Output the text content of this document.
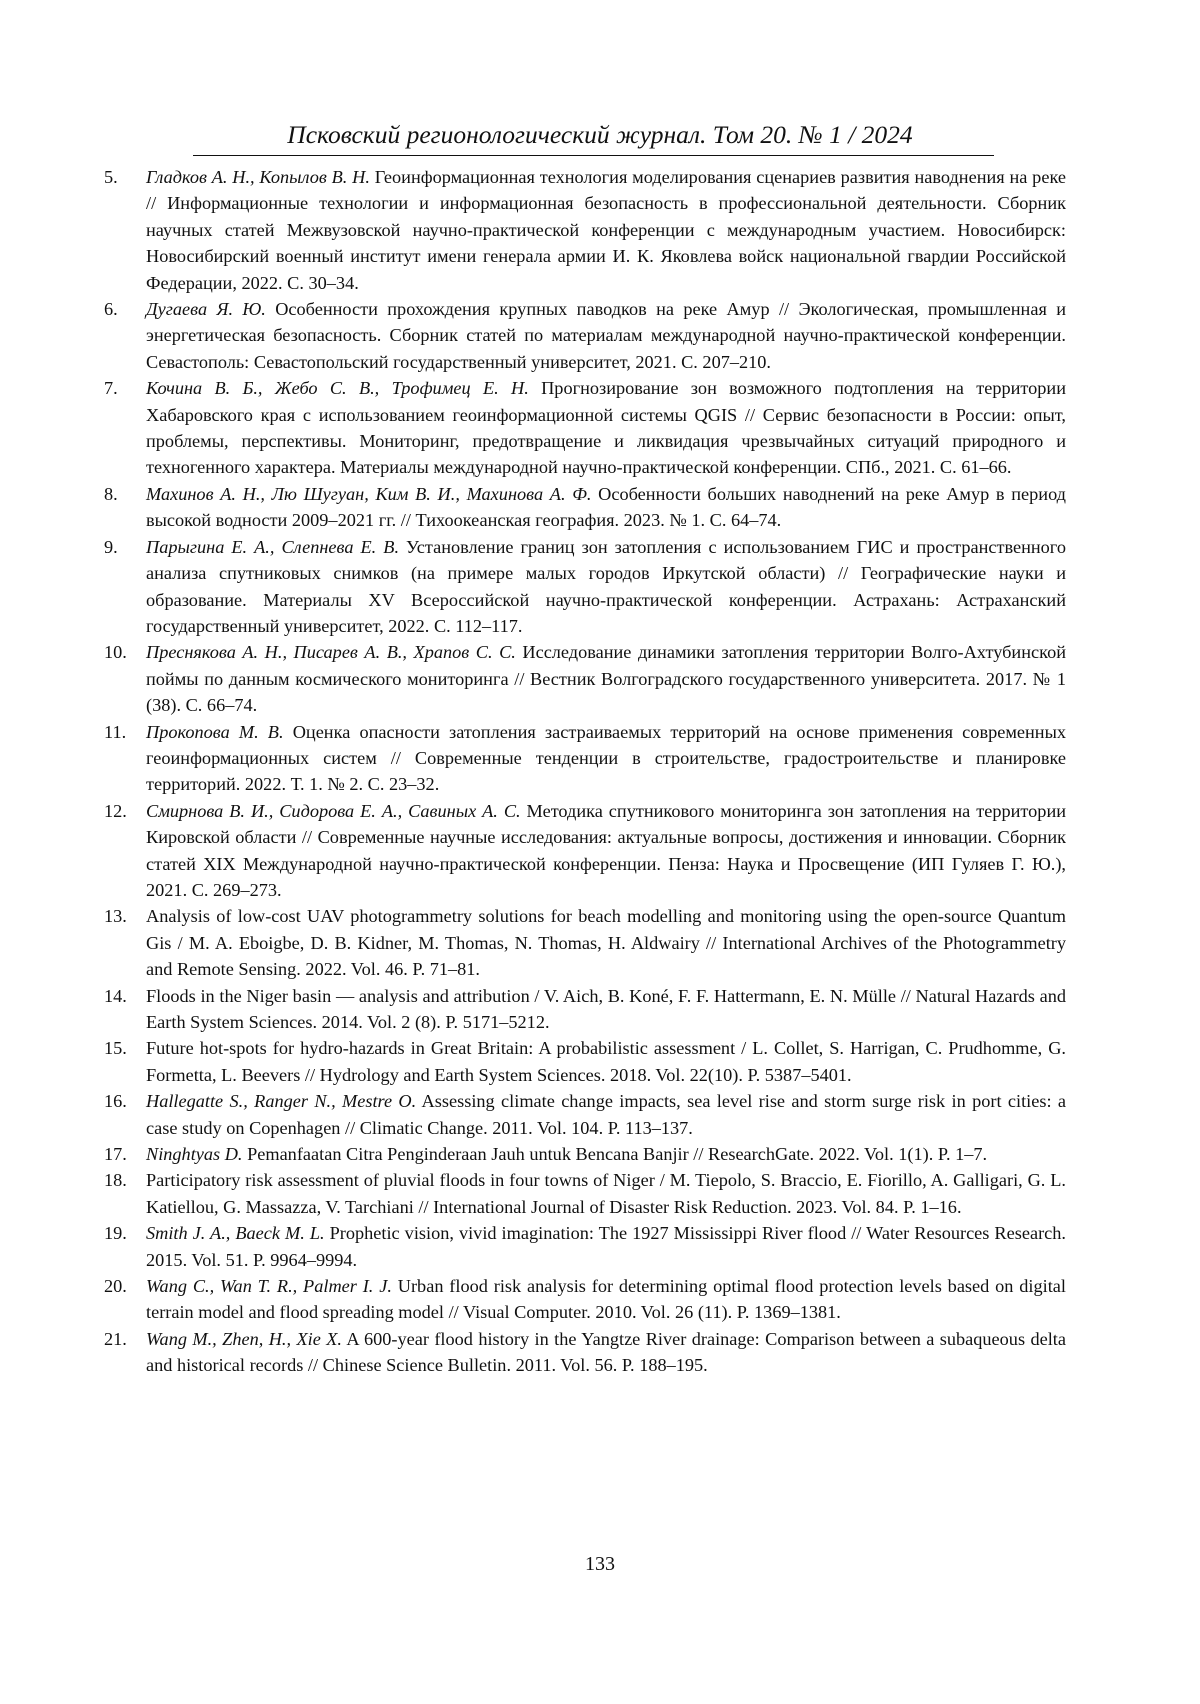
Псковский регионологический журнал. Том 20. № 1 / 2024
5. Гладков А. Н., Копылов В. Н. Геоинформационная технология моделирования сценариев развития наводнения на реке // Информационные технологии и информационная безопасность в профессиональной деятельности. Сборник научных статей Межвузовской научно-практической конференции с международным участием. Новосибирск: Новосибирский военный институт имени генерала армии И. К. Яковлева войск национальной гвардии Российской Федерации, 2022. С. 30–34.
6. Дугаева Я. Ю. Особенности прохождения крупных паводков на реке Амур // Экологическая, промышленная и энергетическая безопасность. Сборник статей по материалам международной научно-практической конференции. Севастополь: Севастопольский государственный университет, 2021. С. 207–210.
7. Кочина В. Б., Жебо С. В., Трофимец Е. Н. Прогнозирование зон возможного подтопления на территории Хабаровского края с использованием геоинформационной системы QGIS // Сервис безопасности в России: опыт, проблемы, перспективы. Мониторинг, предотвращение и ликвидация чрезвычайных ситуаций природного и техногенного характера. Материалы международной научно-практической конференции. СПб., 2021. С. 61–66.
8. Махинов А. Н., Лю Шугуан, Ким В. И., Махинова А. Ф. Особенности больших наводнений на реке Амур в период высокой водности 2009–2021 гг. // Тихоокеанская география. 2023. № 1. С. 64–74.
9. Парыгина Е. А., Слепнева Е. В. Установление границ зон затопления с использованием ГИС и пространственного анализа спутниковых снимков (на примере малых городов Иркутской области) // Географические науки и образование. Материалы XV Всероссийской научно-практической конференции. Астрахань: Астраханский государственный университет, 2022. С. 112–117.
10. Преснякова А. Н., Писарев А. В., Храпов С. С. Исследование динамики затопления территории Волго-Ахтубинской поймы по данным космического мониторинга // Вестник Волгоградского государственного университета. 2017. № 1 (38). С. 66–74.
11. Прокопова М. В. Оценка опасности затопления застраиваемых территорий на основе применения современных геоинформационных систем // Современные тенденции в строительстве, градостроительстве и планировке территорий. 2022. Т. 1. № 2. С. 23–32.
12. Смирнова В. И., Сидорова Е. А., Савиных А. С. Методика спутникового мониторинга зон затопления на территории Кировской области // Современные научные исследования: актуальные вопросы, достижения и инновации. Сборник статей XIX Международной научно-практической конференции. Пенза: Наука и Просвещение (ИП Гуляев Г. Ю.), 2021. С. 269–273.
13. Analysis of low-cost UAV photogrammetry solutions for beach modelling and monitoring using the open-source Quantum Gis / M. A. Eboigbe, D. B. Kidner, M. Thomas, N. Thomas, H. Aldwairy // International Archives of the Photogrammetry and Remote Sensing. 2022. Vol. 46. P. 71–81.
14. Floods in the Niger basin — analysis and attribution / V. Aich, B. Koné, F. F. Hattermann, E. N. Mülle // Natural Hazards and Earth System Sciences. 2014. Vol. 2 (8). P. 5171–5212.
15. Future hot-spots for hydro-hazards in Great Britain: A probabilistic assessment / L. Collet, S. Harrigan, C. Prudhomme, G. Formetta, L. Beevers // Hydrology and Earth System Sciences. 2018. Vol. 22(10). P. 5387–5401.
16. Hallegatte S., Ranger N., Mestre O. Assessing climate change impacts, sea level rise and storm surge risk in port cities: a case study on Copenhagen // Climatic Change. 2011. Vol. 104. P. 113–137.
17. Ninghtyas D. Pemanfaatan Citra Penginderaan Jauh untuk Bencana Banjir // ResearchGate. 2022. Vol. 1(1). P. 1–7.
18. Participatory risk assessment of pluvial floods in four towns of Niger / M. Tiepolo, S. Braccio, E. Fiorillo, A. Galligari, G. L. Katiellou, G. Massazza, V. Tarchiani // International Journal of Disaster Risk Reduction. 2023. Vol. 84. P. 1–16.
19. Smith J. A., Baeck M. L. Prophetic vision, vivid imagination: The 1927 Mississippi River flood // Water Resources Research. 2015. Vol. 51. P. 9964–9994.
20. Wang C., Wan T. R., Palmer I. J. Urban flood risk analysis for determining optimal flood protection levels based on digital terrain model and flood spreading model // Visual Computer. 2010. Vol. 26 (11). P. 1369–1381.
21. Wang M., Zhen, H., Xie X. A 600-year flood history in the Yangtze River drainage: Comparison between a subaqueous delta and historical records // Chinese Science Bulletin. 2011. Vol. 56. P. 188–195.
133
